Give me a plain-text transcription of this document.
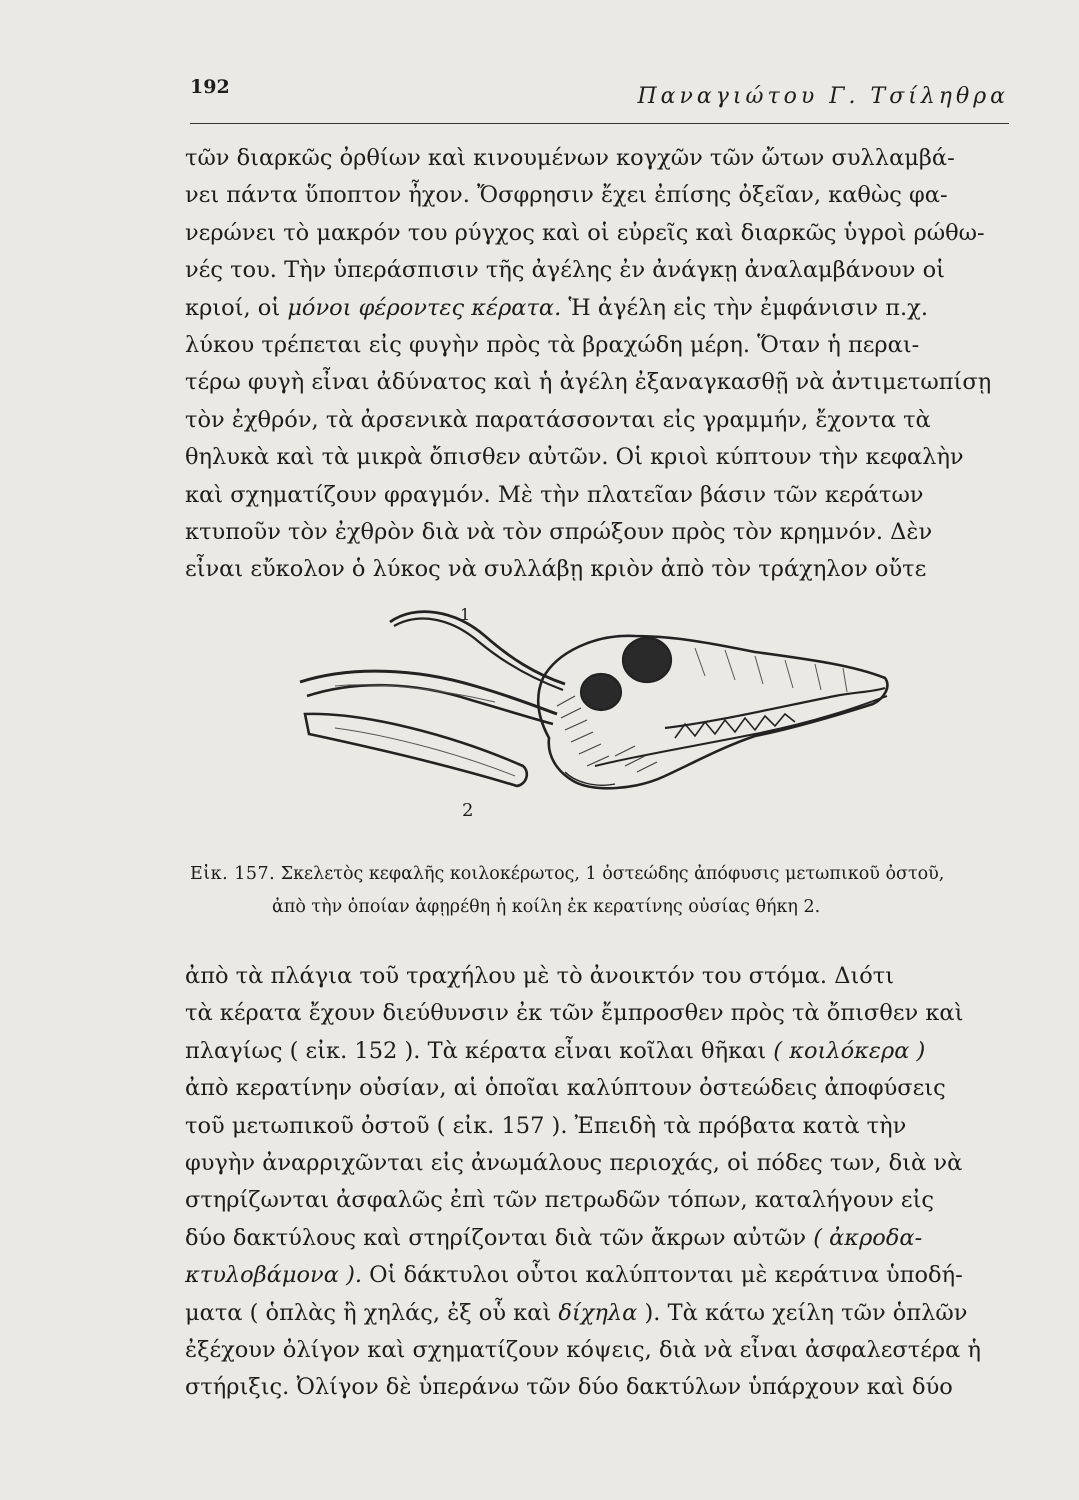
192	Παναγιώτου Γ. Τσίληθρα
τῶν διαρκῶς ὀρθίων καὶ κινουμένων κογχῶν τῶν ὤτων συλλαμβά-
νει πάντα ὕποπτον ἦχον. Ὄσφρησιν ἔχει ἐπίσης ὀξεῖαν, καθὼς φα-
νερώνει τὸ μακρόν του ρύγχος καὶ οἱ εὐρεῖς καὶ διαρκῶς ὑγροὶ ρώθω-
νές του. Τὴν ὑπεράσπισιν τῆς ἀγέλης ἐν ἀνάγκῃ ἀναλαμβάνουν οἱ
κριοί, οἱ μόνοι φέροντες κέρατα. Ἡ ἀγέλη εἰς τὴν ἐμφάνισιν π.χ.
λύκου τρέπεται εἰς φυγὴν πρὸς τὰ βραχώδη μέρη. Ὅταν ἡ περαι-
τέρω φυγὴ εἶναι ἀδύνατος καὶ ἡ ἀγέλη ἐξαναγκασθῇ νὰ ἀντιμετωπίσῃ
τὸν ἐχθρόν, τὰ ἀρσενικὰ παρατάσσονται εἰς γραμμήν, ἔχοντα τὰ
θηλυκὰ καὶ τὰ μικρὰ ὄπισθεν αὐτῶν. Οἱ κριοὶ κύπτουν τὴν κεφαλὴν
καὶ σχηματίζουν φραγμόν. Μὲ τὴν πλατεῖαν βάσιν τῶν κεράτων
κτυποῦν τὸν ἐχθρὸν διὰ νὰ τὸν σπρώξουν πρὸς τὸν κρημνόν. Δὲν
εἶναι εὔκολον ὁ λύκος νὰ συλλάβῃ κριὸν ἀπὸ τὸν τράχηλον οὔτε
1
2
Εἰκ. 157. Σκελετὸς κεφαλῆς κοιλοκέρωτος, 1 ὀστεώδης ἀπόφυσις μετωπικοῦ ὀστοῦ,
ἀπὸ τὴν ὁποίαν ἀφῃρέθη ἡ κοίλη ἐκ κερατίνης οὐσίας θήκη 2.
ἀπὸ τὰ πλάγια τοῦ τραχήλου μὲ τὸ ἀνοικτόν του στόμα. Διότι
τὰ κέρατα ἔχουν διεύθυνσιν ἐκ τῶν ἔμπροσθεν πρὸς τὰ ὄπισθεν καὶ
πλαγίως ( εἰκ. 152 ). Τὰ κέρατα εἶναι κοῖλαι θῆκαι ( κοιλόκερα )
ἀπὸ κερατίνην οὐσίαν, αἱ ὁποῖαι καλύπτουν ὀστεώδεις ἀποφύσεις
τοῦ μετωπικοῦ ὀστοῦ ( εἰκ. 157 ). Ἐπειδὴ τὰ πρόβατα κατὰ τὴν
φυγὴν ἀναρριχῶνται εἰς ἀνωμάλους περιοχάς, οἱ πόδες των, διὰ νὰ
στηρίζωνται ἀσφαλῶς ἐπὶ τῶν πετρωδῶν τόπων, καταλήγουν εἰς
δύο δακτύλους καὶ στηρίζονται διὰ τῶν ἄκρων αὐτῶν ( ἀκροδα-
κτυλοβάμονα ). Οἱ δάκτυλοι οὗτοι καλύπτονται μὲ κεράτινα ὑποδή-
ματα ( ὁπλὰς ἢ χηλάς, ἐξ οὗ καὶ δίχηλα ). Τὰ κάτω χείλη τῶν ὁπλῶν
ἐξέχουν ὀλίγον καὶ σχηματίζουν κόψεις, διὰ νὰ εἶναι ἀσφαλεστέρα ἡ
στήριξις. Ὀλίγον δὲ ὑπεράνω τῶν δύο δακτύλων ὑπάρχουν καὶ δύο
